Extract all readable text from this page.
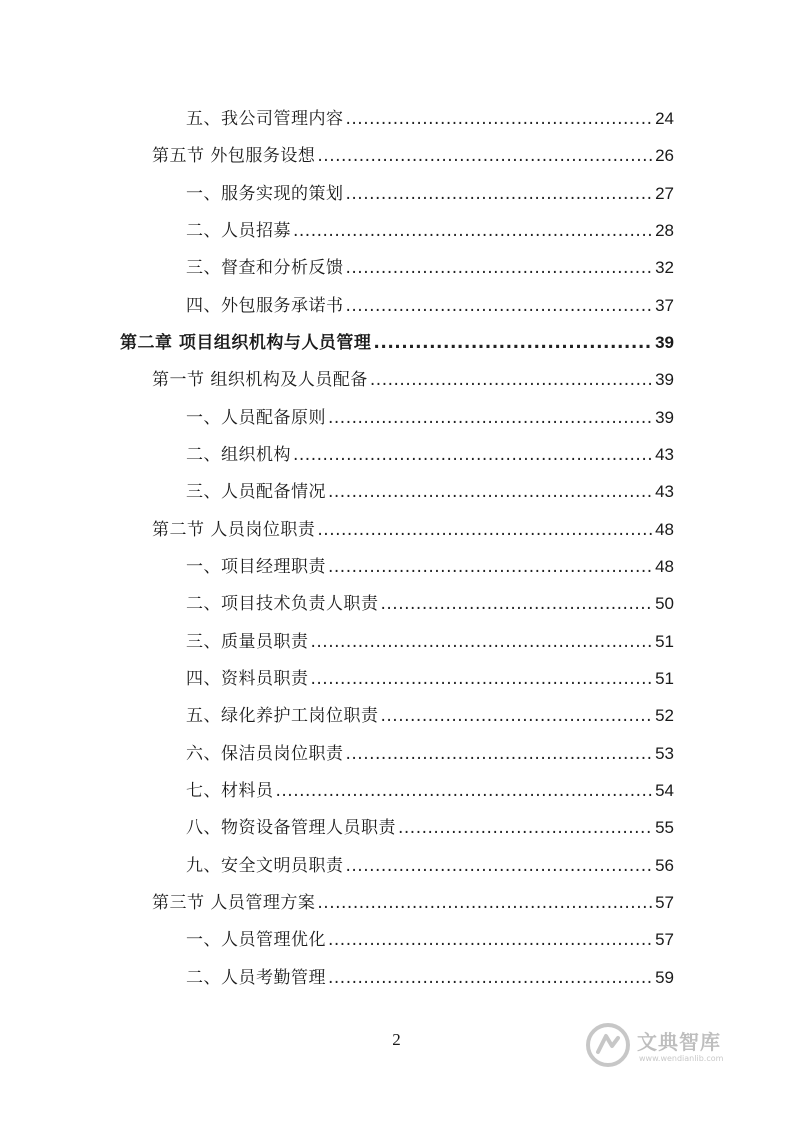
五、我公司管理内容 .....	24
第五节 外包服务设想 .....	26
一、服务实现的策划 .....	27
二、人员招募 .....	28
三、督查和分析反馈 .....	32
四、外包服务承诺书 .....	37
第二章 项目组织机构与人员管理 .....	39
第一节 组织机构及人员配备 .....	39
一、人员配备原则 .....	39
二、组织机构 .....	43
三、人员配备情况 .....	43
第二节 人员岗位职责 .....	48
一、项目经理职责 .....	48
二、项目技术负责人职责 .....	50
三、质量员职责 .....	51
四、资料员职责 .....	51
五、绿化养护工岗位职责 .....	52
六、保洁员岗位职责 .....	53
七、材料员 .....	54
八、物资设备管理人员职责 .....	55
九、安全文明员职责 .....	56
第三节 人员管理方案 .....	57
一、人员管理优化 .....	57
二、人员考勤管理 .....	59
2	文典智库
www.wendianlib.com
